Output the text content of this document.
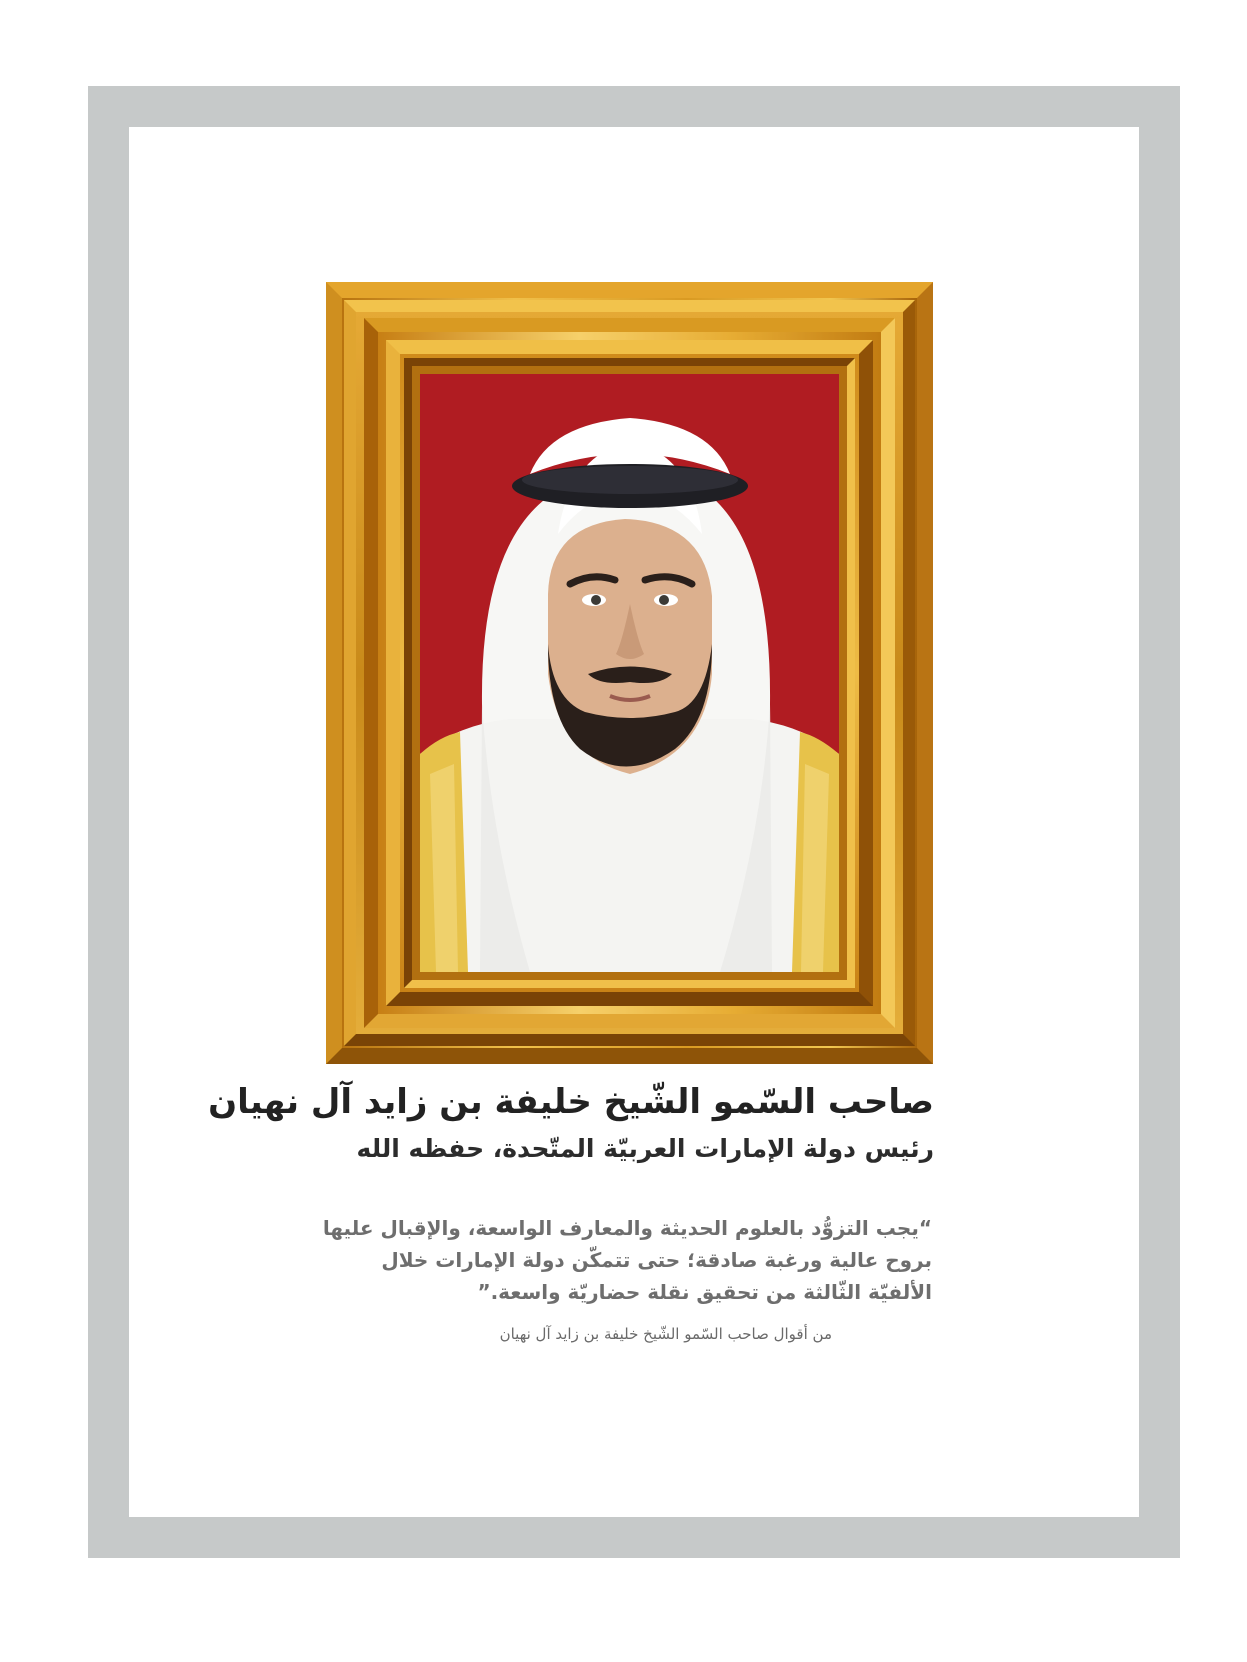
صاحب السّمو الشّيخ خليفة بن زايد آل نهيان
رئيس دولة الإمارات العربيّة المتّحدة، حفظه الله
“يجب التزوُّد بالعلوم الحديثة والمعارف الواسعة، والإقبال عليها
بروح عالية ورغبة صادقة؛ حتى تتمكّن دولة الإمارات خلال
الألفيّة الثّالثة من تحقيق نقلة حضاريّة واسعة.”
من أقوال صاحب السّمو الشّيخ خليفة بن زايد آل نهيان
